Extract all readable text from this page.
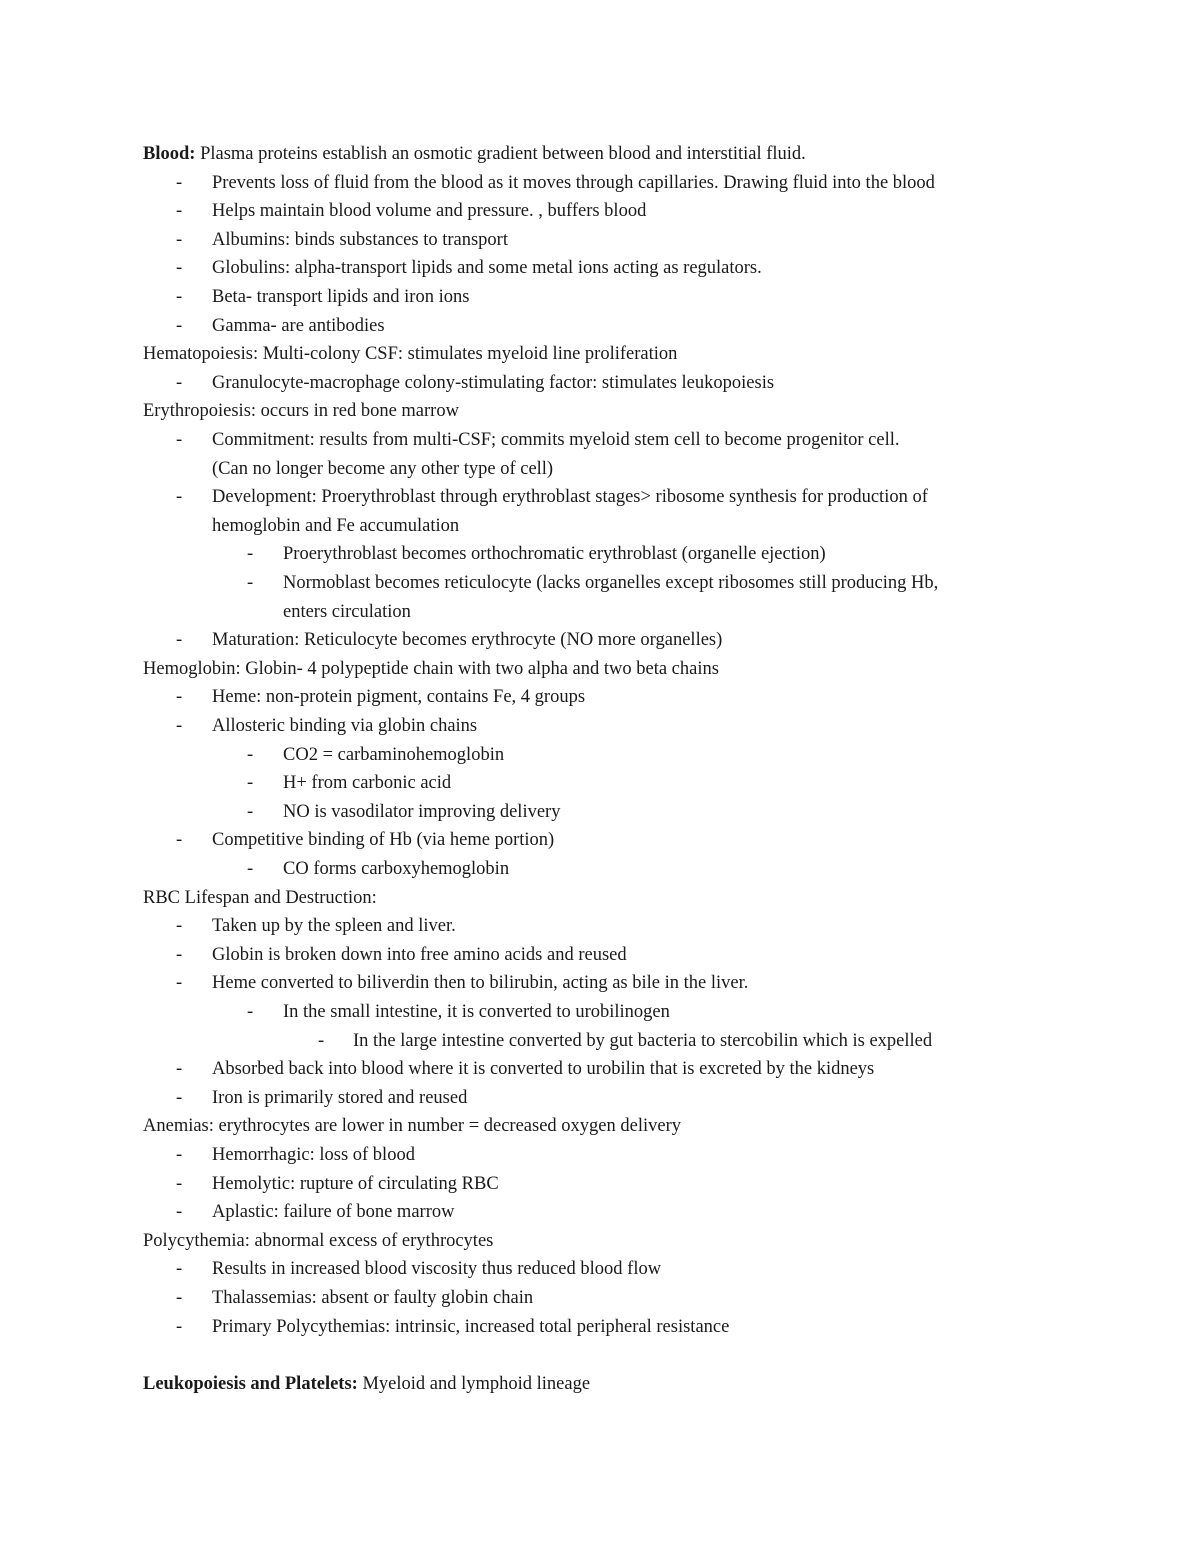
Blood: Plasma proteins establish an osmotic gradient between blood and interstitial fluid.
- Prevents loss of fluid from the blood as it moves through capillaries. Drawing fluid into the blood
- Helps maintain blood volume and pressure. , buffers blood
- Albumins: binds substances to transport
- Globulins: alpha-transport lipids and some metal ions acting as regulators.
- Beta- transport lipids and iron ions
- Gamma- are antibodies
Hematopoiesis: Multi-colony CSF: stimulates myeloid line proliferation
- Granulocyte-macrophage colony-stimulating factor: stimulates leukopoiesis
Erythropoiesis: occurs in red bone marrow
- Commitment: results from multi-CSF; commits myeloid stem cell to become progenitor cell.
(Can no longer become any other type of cell)
- Development: Proerythroblast through erythroblast stages> ribosome synthesis for production of
hemoglobin and Fe accumulation
- Proerythroblast becomes orthochromatic erythroblast (organelle ejection)
- Normoblast becomes reticulocyte (lacks organelles except ribosomes still producing Hb,
enters circulation
- Maturation: Reticulocyte becomes erythrocyte (NO more organelles)
Hemoglobin: Globin- 4 polypeptide chain with two alpha and two beta chains
- Heme: non-protein pigment, contains Fe, 4 groups
- Allosteric binding via globin chains
- CO2 = carbaminohemoglobin
- H+ from carbonic acid
- NO is vasodilator improving delivery
- Competitive binding of Hb (via heme portion)
- CO forms carboxyhemoglobin
RBC Lifespan and Destruction:
- Taken up by the spleen and liver.
- Globin is broken down into free amino acids and reused
- Heme converted to biliverdin then to bilirubin, acting as bile in the liver.
- In the small intestine, it is converted to urobilinogen
- In the large intestine converted by gut bacteria to stercobilin which is expelled
- Absorbed back into blood where it is converted to urobilin that is excreted by the kidneys
- Iron is primarily stored and reused
Anemias: erythrocytes are lower in number = decreased oxygen delivery
- Hemorrhagic: loss of blood
- Hemolytic: rupture of circulating RBC
- Aplastic: failure of bone marrow
Polycythemia: abnormal excess of erythrocytes
- Results in increased blood viscosity thus reduced blood flow
- Thalassemias: absent or faulty globin chain
- Primary Polycythemias: intrinsic, increased total peripheral resistance
Leukopoiesis and Platelets: Myeloid and lymphoid lineage
